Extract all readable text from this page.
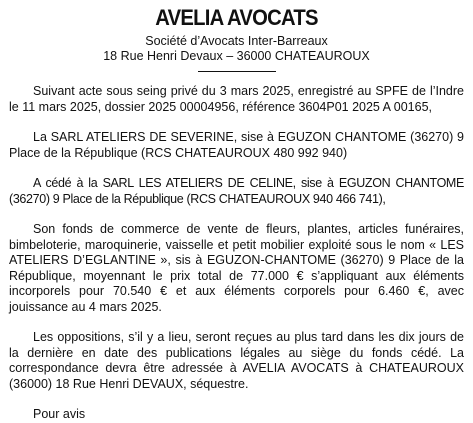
AVELIA AVOCATS
Société d’Avocats Inter-Barreaux
18 Rue Henri Devaux – 36000 CHATEAUROUX

Suivant acte sous seing privé du 3 mars 2025, enregistré au SPFE de l’Indre le 11 mars 2025, dossier 2025 00004956, référence 3604P01 2025 A 00165,

La SARL ATELIERS DE SEVERINE, sise à EGUZON CHANTOME (36270) 9 Place de la République (RCS CHATEAUROUX 480 992 940)

A cédé à la SARL LES ATELIERS DE CELINE, sise à EGUZON CHANTOME (36270) 9 Place de la République (RCS CHATEAUROUX 940 466 741),

Son fonds de commerce de vente de fleurs, plantes, articles funéraires, bimbeloterie, maroquinerie, vaisselle et petit mobilier exploité sous le nom « LES ATELIERS D’EGLANTINE », sis à EGUZON-CHANTOME (36270) 9 Place de la République, moyennant le prix total de 77.000 € s’appliquant aux éléments incorporels pour 70.540 € et aux éléments corporels pour 6.460 €, avec jouissance au 4 mars 2025.

Les oppositions, s’il y a lieu, seront reçues au plus tard dans les dix jours de la dernière en date des publications légales au siège du fonds cédé. La correspondance devra être adressée à AVELIA AVOCATS à CHATEAUROUX (36000) 18 Rue Henri DEVAUX, séquestre.

Pour avis
